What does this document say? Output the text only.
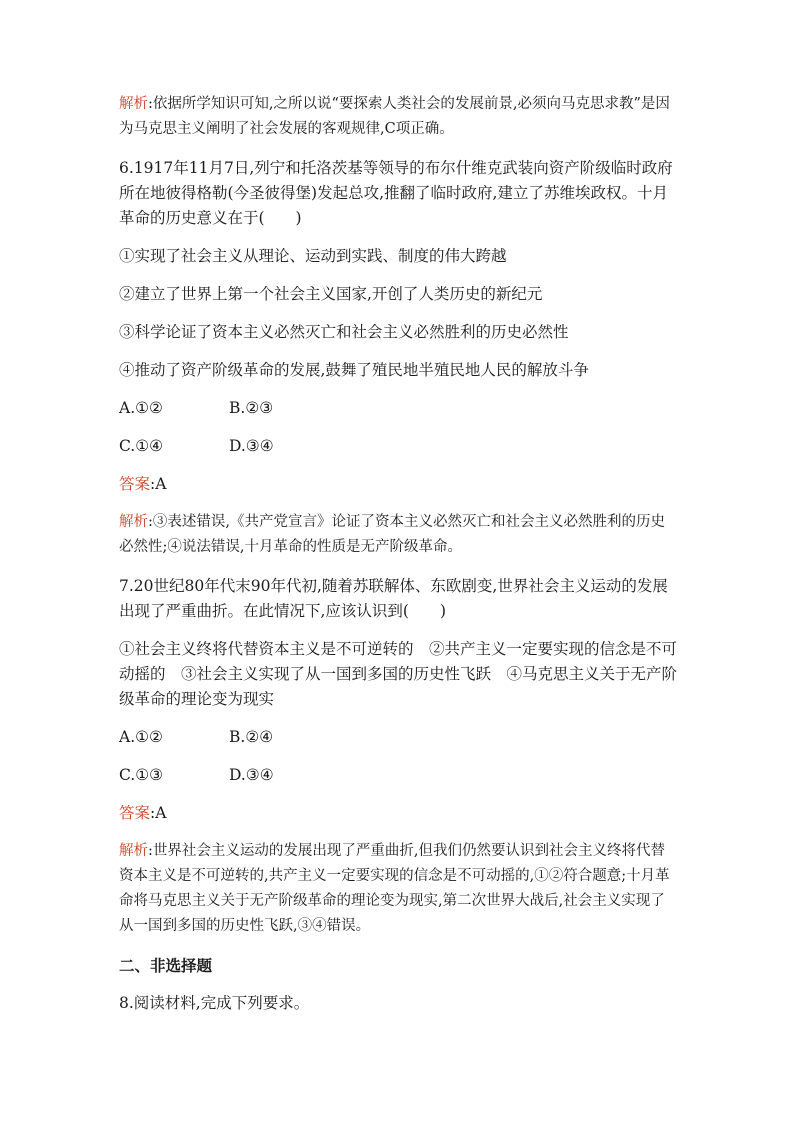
解析:依据所学知识可知,之所以说“要探索人类社会的发展前景,必须向马克思求教”是因为马克思主义阐明了社会发展的客观规律,C项正确。

6.1917年11月7日,列宁和托洛茨基等领导的布尔什维克武装向资产阶级临时政府所在地彼得格勒(今圣彼得堡)发起总攻,推翻了临时政府,建立了苏维埃政权。十月革命的历史意义在于(　　)

①实现了社会主义从理论、运动到实践、制度的伟大跨越

②建立了世界上第一个社会主义国家,开创了人类历史的新纪元

③科学论证了资本主义必然灭亡和社会主义必然胜利的历史必然性

④推动了资产阶级革命的发展,鼓舞了殖民地半殖民地人民的解放斗争

A.①②	B.②③
C.①④	D.③④

答案:A

解析:③表述错误,《共产党宣言》论证了资本主义必然灭亡和社会主义必然胜利的历史必然性;④说法错误,十月革命的性质是无产阶级革命。

7.20世纪80年代末90年代初,随着苏联解体、东欧剧变,世界社会主义运动的发展出现了严重曲折。在此情况下,应该认识到(　　)

①社会主义终将代替资本主义是不可逆转的　②共产主义一定要实现的信念是不可动摇的　③社会主义实现了从一国到多国的历史性飞跃　④马克思主义关于无产阶级革命的理论变为现实

A.①②	B.②④
C.①③	D.③④

答案:A

解析:世界社会主义运动的发展出现了严重曲折,但我们仍然要认识到社会主义终将代替资本主义是不可逆转的,共产主义一定要实现的信念是不可动摇的,①②符合题意;十月革命将马克思主义关于无产阶级革命的理论变为现实,第二次世界大战后,社会主义实现了从一国到多国的历史性飞跃,③④错误。

二、非选择题

8.阅读材料,完成下列要求。
